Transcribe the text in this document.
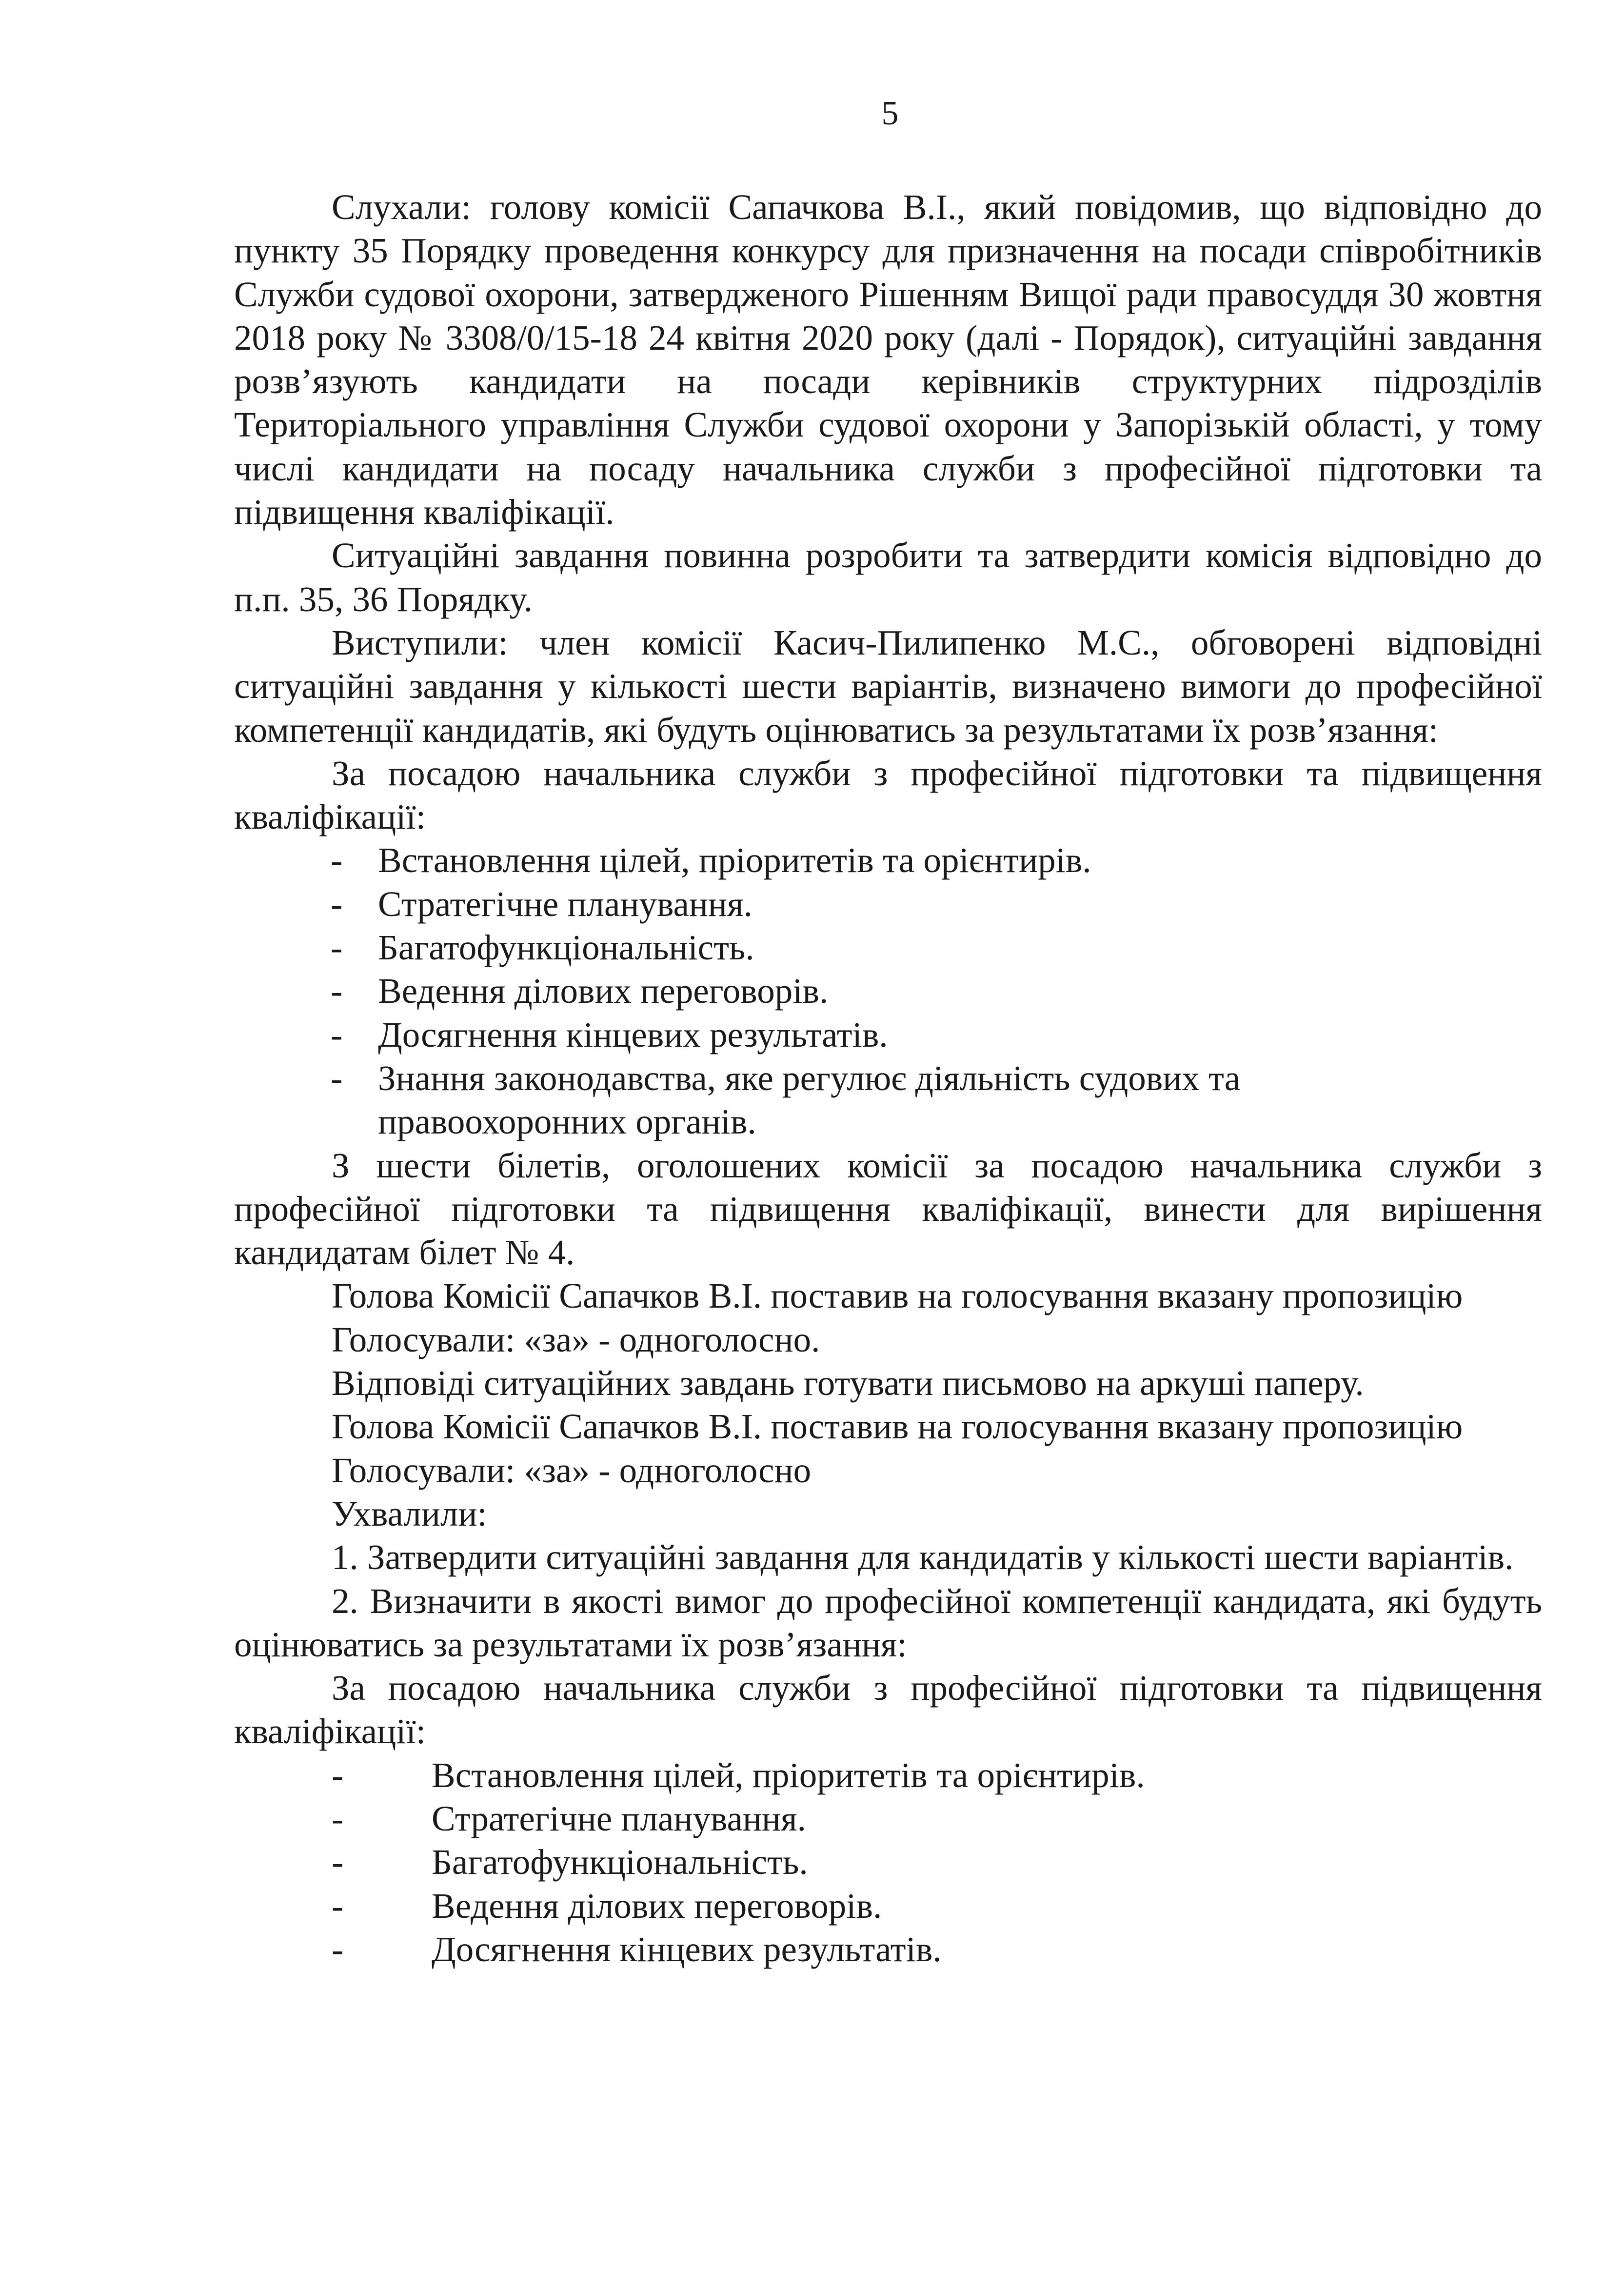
5

Слухали: голову комісії Сапачкова В.І., який повідомив, що відповідно до пункту 35 Порядку проведення конкурсу для призначення на посади співробітників Служби судової охорони, затвердженого Рішенням Вищої ради правосуддя 30 жовтня 2018 року № 3308/0/15-18 24 квітня 2020 року (далі - Порядок), ситуаційні завдання розв’язують кандидати на посади керівників структурних підрозділів Територіального управління Служби судової охорони у Запорізькій області, у тому числі кандидати на посаду начальника служби з професійної підготовки та підвищення кваліфікації.

Ситуаційні завдання повинна розробити та затвердити комісія відповідно до п.п. 35, 36 Порядку.

Виступили: член комісії Касич-Пилипенко М.С., обговорені відповідні ситуаційні завдання у кількості шести варіантів, визначено вимоги до професійної компетенції кандидатів, які будуть оцінюватись за результатами їх розв’язання:

За посадою начальника служби з професійної підготовки та підвищення кваліфікації:

- Встановлення цілей, пріоритетів та орієнтирів.
- Стратегічне планування.
- Багатофункціональність.
- Ведення ділових переговорів.
- Досягнення кінцевих результатів.
- Знання законодавства, яке регулює діяльність судових та правоохоронних органів.

З шести білетів, оголошених комісії за посадою начальника служби з професійної підготовки та підвищення кваліфікації, винести для вирішення кандидатам білет № 4.

Голова Комісії Сапачков В.І. поставив на голосування вказану пропозицію

Голосували: «за» - одноголосно.

Відповіді ситуаційних завдань готувати письмово на аркуші паперу.

Голова Комісії Сапачков В.І. поставив на голосування вказану пропозицію

Голосували: «за» - одноголосно

Ухвалили:

1. Затвердити ситуаційні завдання для кандидатів у кількості шести варіантів.

2. Визначити в якості вимог до професійної компетенції кандидата, які будуть оцінюватись за результатами їх розв’язання:

За посадою начальника служби з професійної підготовки та підвищення кваліфікації:

- Встановлення цілей, пріоритетів та орієнтирів.
- Стратегічне планування.
- Багатофункціональність.
- Ведення ділових переговорів.
- Досягнення кінцевих результатів.
